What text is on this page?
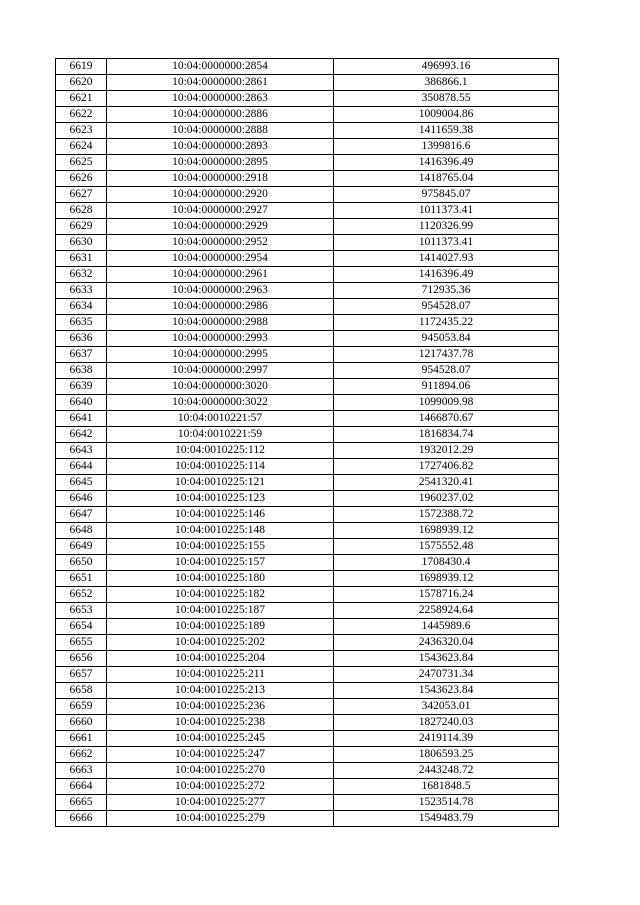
6619	10:04:0000000:2854	496993.16
6620	10:04:0000000:2861	386866.1
6621	10:04:0000000:2863	350878.55
6622	10:04:0000000:2886	1009004.86
6623	10:04:0000000:2888	1411659.38
6624	10:04:0000000:2893	1399816.6
6625	10:04:0000000:2895	1416396.49
6626	10:04:0000000:2918	1418765.04
6627	10:04:0000000:2920	975845.07
6628	10:04:0000000:2927	1011373.41
6629	10:04:0000000:2929	1120326.99
6630	10:04:0000000:2952	1011373.41
6631	10:04:0000000:2954	1414027.93
6632	10:04:0000000:2961	1416396.49
6633	10:04:0000000:2963	712935.36
6634	10:04:0000000:2986	954528.07
6635	10:04:0000000:2988	1172435.22
6636	10:04:0000000:2993	945053.84
6637	10:04:0000000:2995	1217437.78
6638	10:04:0000000:2997	954528.07
6639	10:04:0000000:3020	911894.06
6640	10:04:0000000:3022	1099009.98
6641	10:04:0010221:57	1466870.67
6642	10:04:0010221:59	1816834.74
6643	10:04:0010225:112	1932012.29
6644	10:04:0010225:114	1727406.82
6645	10:04:0010225:121	2541320.41
6646	10:04:0010225:123	1960237.02
6647	10:04:0010225:146	1572388.72
6648	10:04:0010225:148	1698939.12
6649	10:04:0010225:155	1575552.48
6650	10:04:0010225:157	1708430.4
6651	10:04:0010225:180	1698939.12
6652	10:04:0010225:182	1578716.24
6653	10:04:0010225:187	2258924.64
6654	10:04:0010225:189	1445989.6
6655	10:04:0010225:202	2436320.04
6656	10:04:0010225:204	1543623.84
6657	10:04:0010225:211	2470731.34
6658	10:04:0010225:213	1543623.84
6659	10:04:0010225:236	342053.01
6660	10:04:0010225:238	1827240.03
6661	10:04:0010225:245	2419114.39
6662	10:04:0010225:247	1806593.25
6663	10:04:0010225:270	2443248.72
6664	10:04:0010225:272	1681848.5
6665	10:04:0010225:277	1523514.78
6666	10:04:0010225:279	1549483.79
